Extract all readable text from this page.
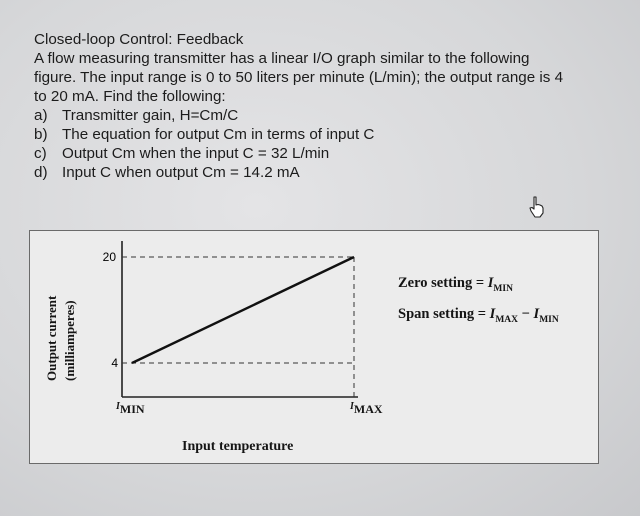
Closed-loop Control: Feedback
A flow measuring transmitter has a linear I/O graph similar to the following
figure. The input range is 0 to 50 liters per minute (L/min); the output range is 4
to 20 mA. Find the following:
a) Transmitter gain, H=Cm/C
b) The equation for output Cm in terms of input C
c) Output Cm when the input C = 32 L/min
d) Input C when output Cm = 14.2 mA
Output current (milliamperes)
20
4
$^I$MIN	$^I$MAX
Input temperature
Zero setting = $I_{MIN}$
Span setting = $I_{MAX} - I_{MIN}$
